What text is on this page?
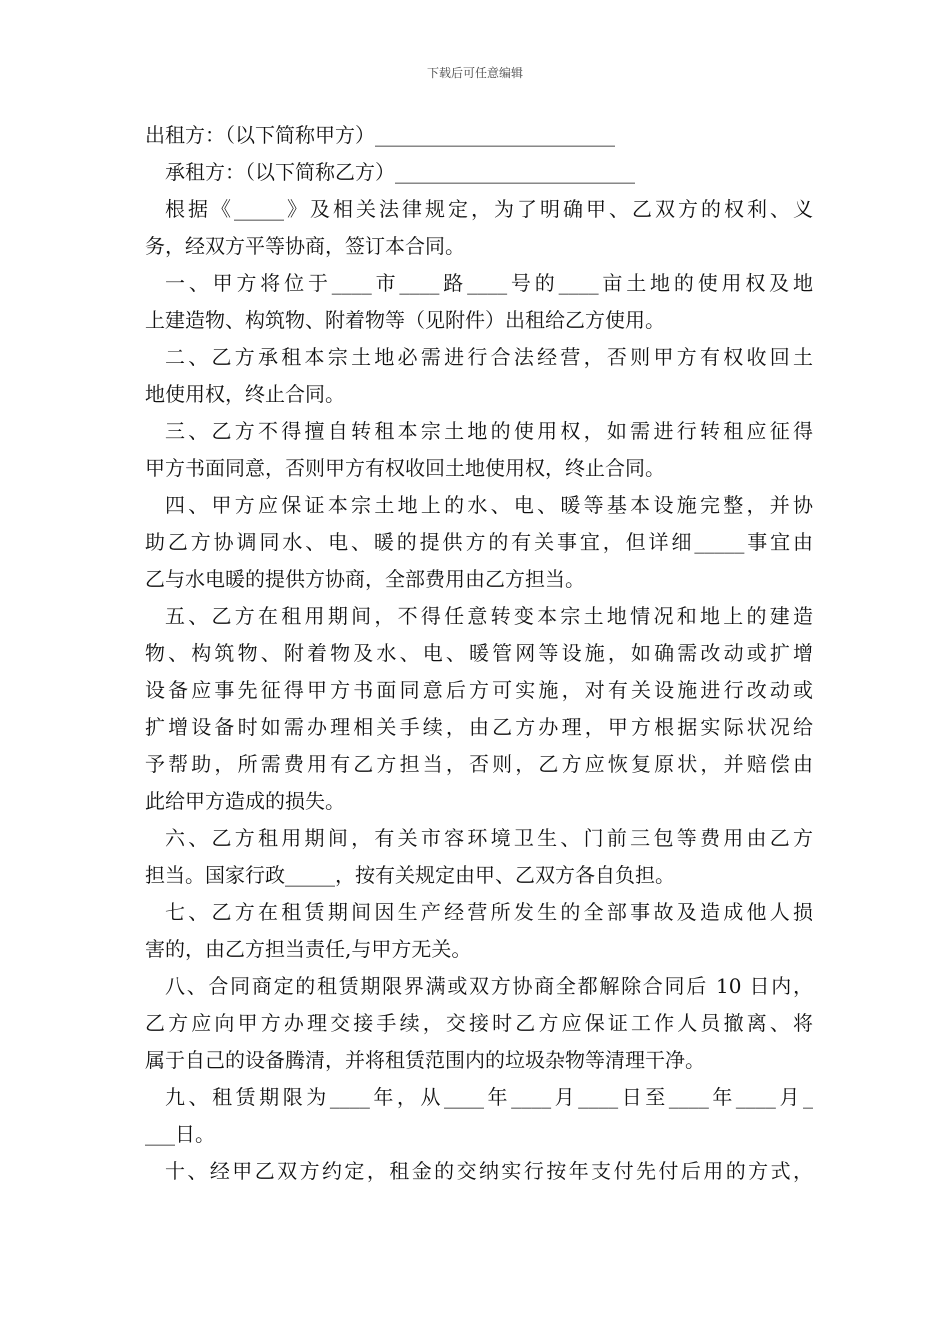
下载后可任意编辑
出租方：（以下简称甲方）________________________
承租方：（以下简称乙方）________________________
根据《_____》及相关法律规定，为了明确甲、乙双方的权利、义
务，经双方平等协商，签订本合同。
一、甲方将位于____市____路____号的____亩土地的使用权及地
上建造物、构筑物、附着物等（见附件）出租给乙方使用。
二、乙方承租本宗土地必需进行合法经营，否则甲方有权收回土
地使用权，终止合同。
三、乙方不得擅自转租本宗土地的使用权，如需进行转租应征得
甲方书面同意，否则甲方有权收回土地使用权，终止合同。
四、甲方应保证本宗土地上的水、电、暖等基本设施完整，并协
助乙方协调同水、电、暖的提供方的有关事宜，但详细_____事宜由
乙与水电暖的提供方协商，全部费用由乙方担当。
五、乙方在租用期间，不得任意转变本宗土地情况和地上的建造
物、构筑物、附着物及水、电、暖管网等设施，如确需改动或扩增
设备应事先征得甲方书面同意后方可实施，对有关设施进行改动或
扩增设备时如需办理相关手续，由乙方办理，甲方根据实际状况给
予帮助，所需费用有乙方担当，否则，乙方应恢复原状，并赔偿由
此给甲方造成的损失。
六、乙方租用期间，有关市容环境卫生、门前三包等费用由乙方
担当。国家行政_____，按有关规定由甲、乙双方各自负担。
七、乙方在租赁期间因生产经营所发生的全部事故及造成他人损
害的，由乙方担当责任,与甲方无关。
八、合同商定的租赁期限界满或双方协商全都解除合同后 10 日内，
乙方应向甲方办理交接手续，交接时乙方应保证工作人员撤离、将
属于自己的设备腾清，并将租赁范围内的垃圾杂物等清理干净。
九、租赁期限为____年，从____年____月____日至____年____月_
___日。
十、经甲乙双方约定，租金的交纳实行按年支付先付后用的方式，
